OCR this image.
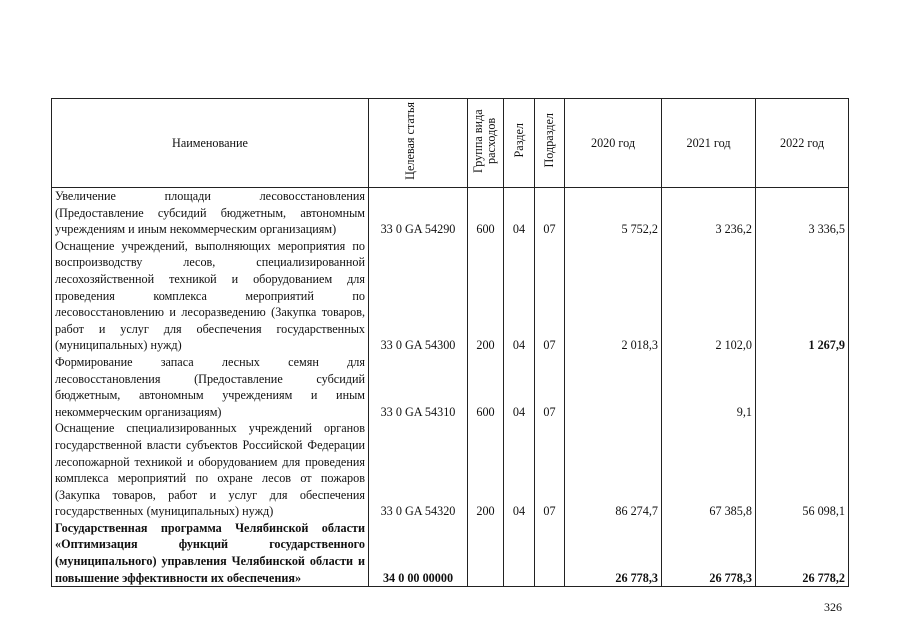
Наименование	Целевая статья	Группа вида расходов	Раздел	Подраздел	2020 год	2021 год	2022 год
Увеличение площади лесовосстановления (Предоставление субсидий бюджетным, автономным учреждениям и иным некоммерческим организациям)	33 0 GA 54290	600	04	07	5 752,2	3 236,2	3 336,5
Оснащение учреждений, выполняющих мероприятия по воспроизводству лесов, специализированной лесохозяйственной техникой и оборудованием для проведения комплекса мероприятий по лесовосстановлению и лесоразведению (Закупка товаров, работ и услуг для обеспечения государственных (муниципальных) нужд)	33 0 GA 54300	200	04	07	2 018,3	2 102,0	1 267,9
Формирование запаса лесных семян для лесовосстановления (Предоставление субсидий бюджетным, автономным учреждениям и иным некоммерческим организациям)	33 0 GA 54310	600	04	07		9,1	
Оснащение специализированных учреждений органов государственной власти субъектов Российской Федерации лесопожарной техникой и оборудованием для проведения комплекса мероприятий по охране лесов от пожаров (Закупка товаров, работ и услуг для обеспечения государственных (муниципальных) нужд)	33 0 GA 54320	200	04	07	86 274,7	67 385,8	56 098,1
Государственная программа Челябинской области «Оптимизация функций государственного (муниципального) управления Челябинской области и повышение эффективности их обеспечения»	34 0 00 00000				26 778,3	26 778,3	26 778,2
326
